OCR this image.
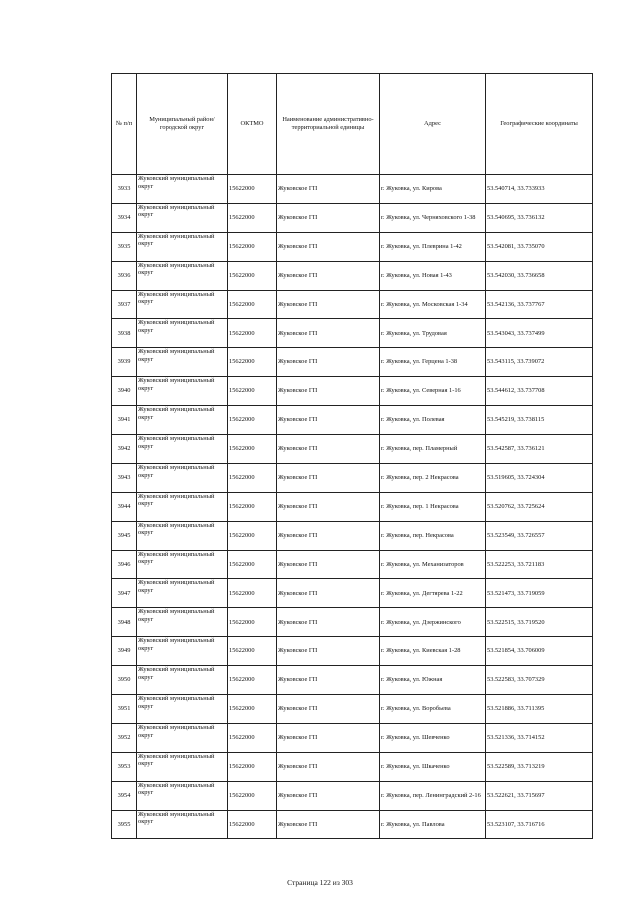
№ п/п	Муниципальный район/городской округ	ОКТМО	Наименование административно-территориальной единицы	Адрес	Географические координаты
3933	Жуковский муниципальный округ	15622000	Жуковское ГП	г. Жуковка, ул. Кирова	53.540714, 33.733933
3934	Жуковский муниципальный округ	15622000	Жуковское ГП	г. Жуковка, ул. Черняховского 1-38	53.540695, 33.736132
3935	Жуковский муниципальный округ	15622000	Жуковское ГП	г. Жуковка, ул. Плеврина 1-42	53.542081, 33.735070
3936	Жуковский муниципальный округ	15622000	Жуковское ГП	г. Жуковка, ул. Новая 1-43	53.542030, 33.736658
3937	Жуковский муниципальный округ	15622000	Жуковское ГП	г. Жуковка, ул. Московская 1-34	53.542136, 33.737767
3938	Жуковский муниципальный округ	15622000	Жуковское ГП	г. Жуковка, ул. Трудовая	53.543043, 33.737499
3939	Жуковский муниципальный округ	15622000	Жуковское ГП	г. Жуковка, ул. Герцена 1-38	53.543115, 33.739072
3940	Жуковский муниципальный округ	15622000	Жуковское ГП	г. Жуковка, ул. Северная 1-16	53.544612, 33.737708
3941	Жуковский муниципальный округ	15622000	Жуковское ГП	г. Жуковка, ул. Полевая	53.545219, 33.738115
3942	Жуковский муниципальный округ	15622000	Жуковское ГП	г. Жуковка, пер. Пламерный	53.542587, 33.736121
3943	Жуковский муниципальный округ	15622000	Жуковское ГП	г. Жуковка, пер. 2 Некрасова	53.519605, 33.724304
3944	Жуковский муниципальный округ	15622000	Жуковское ГП	г. Жуковка, пер. 1 Некрасова	53.520762, 33.725624
3945	Жуковский муниципальный округ	15622000	Жуковское ГП	г. Жуковка, пер. Некрасова	53.523549, 33.726557
3946	Жуковский муниципальный округ	15622000	Жуковское ГП	г. Жуковка, ул. Механизаторов	53.522253, 33.721183
3947	Жуковский муниципальный округ	15622000	Жуковское ГП	г. Жуковка, ул. Дегтярева 1-22	53.521473, 33.719059
3948	Жуковский муниципальный округ	15622000	Жуковское ГП	г. Жуковка, ул. Дзержинского	53.522515, 33.719520
3949	Жуковский муниципальный округ	15622000	Жуковское ГП	г. Жуковка, ул. Киевская 1-28	53.521854, 33.706009
3950	Жуковский муниципальный округ	15622000	Жуковское ГП	г. Жуковка, ул. Южная	53.522583, 33.707329
3951	Жуковский муниципальный округ	15622000	Жуковское ГП	г. Жуковка, ул. Воробьева	53.521886, 33.711395
3952	Жуковский муниципальный округ	15622000	Жуковское ГП	г. Жуковка, ул. Шевченко	53.521336, 33.714152
3953	Жуковский муниципальный округ	15622000	Жуковское ГП	г. Жуковка, ул. Шкаченко	53.522589, 33.713219
3954	Жуковский муниципальный округ	15622000	Жуковское ГП	г. Жуковка, пер. Ленинградский 2-16	53.522621, 33.715697
3955	Жуковский муниципальный округ	15622000	Жуковское ГП	г. Жуковка, ул. Павлова	53.523107, 33.716716
Страница 122 из 303
